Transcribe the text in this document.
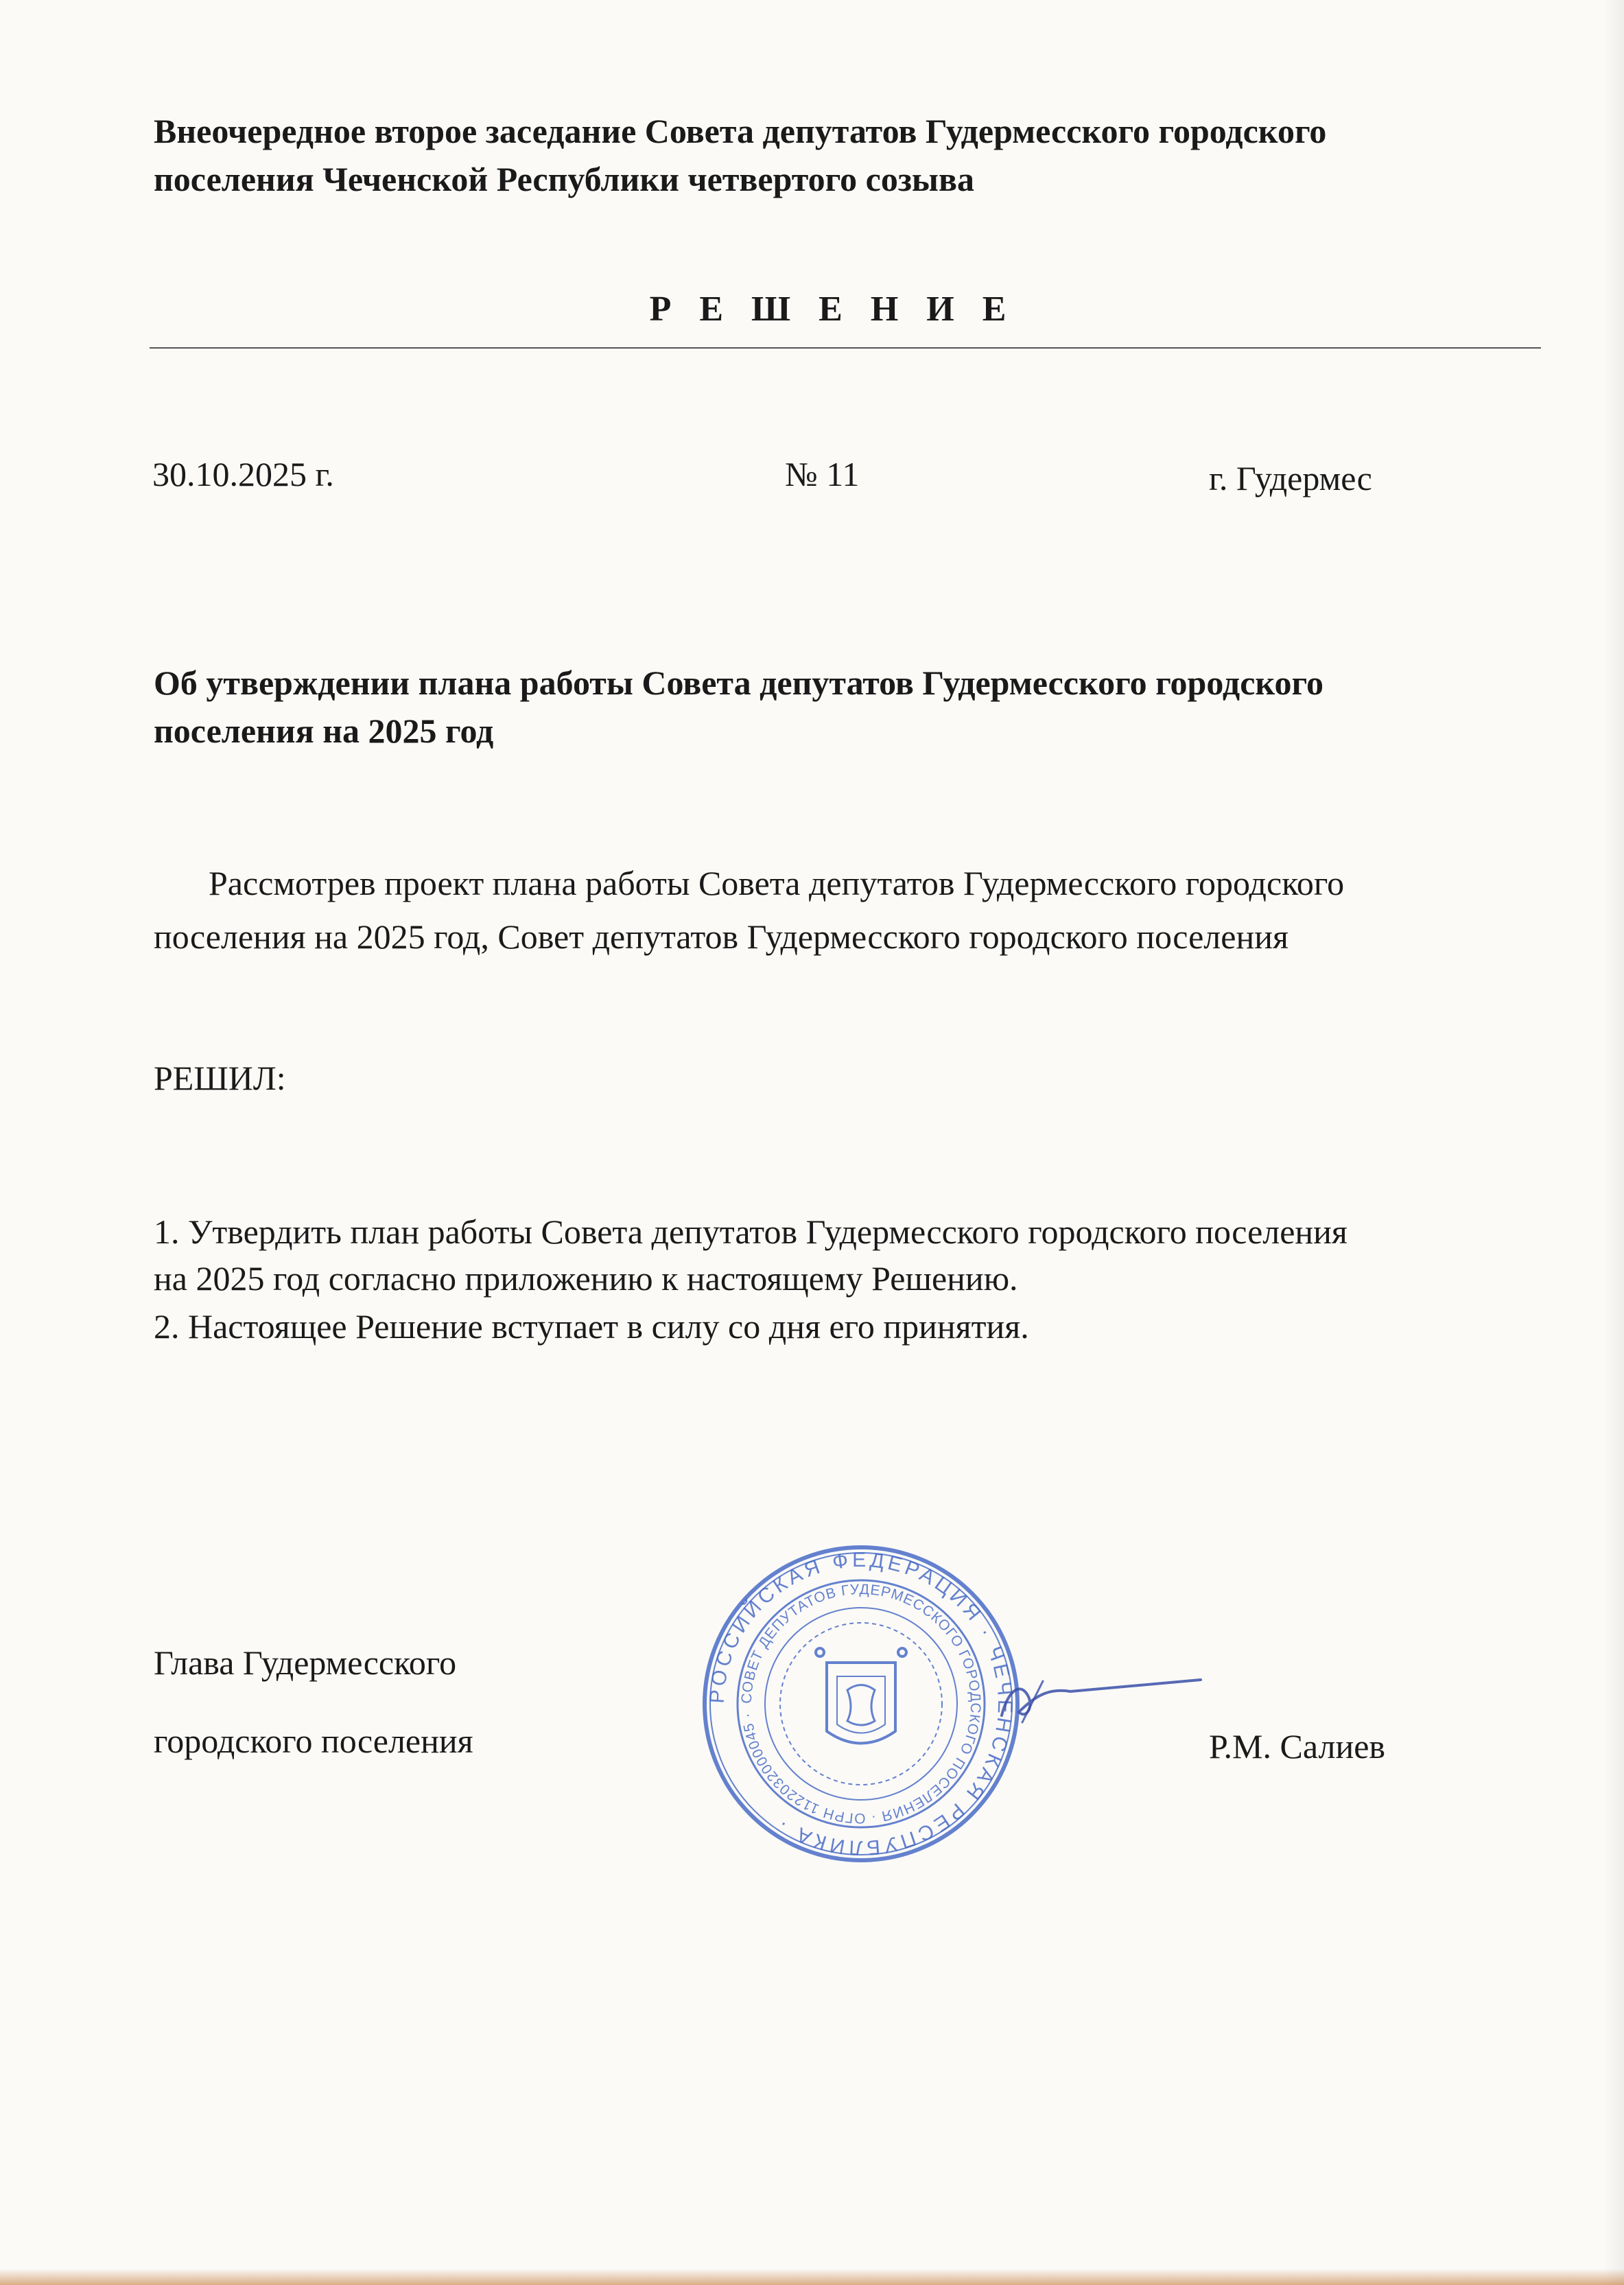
Внеочередное второе заседание Совета депутатов Гудермесского городского

поселения Чеченской Республики четвертого созыва

Р Е Ш Е Н И Е

30.10.2025 г.	№ 11	г. Гудермес

Об утверждении плана работы Совета депутатов Гудермесского городского

поселения на 2025 год

Рассмотрев проект плана работы Совета депутатов Гудермесского городского

поселения на 2025 год, Совет депутатов Гудермесского городского поселения

РЕШИЛ:

1. Утвердить план работы Совета депутатов Гудермесского городского поселения

на 2025 год согласно приложению к настоящему Решению.

2. Настоящее Решение вступает в силу со дня его принятия.

Глава Гудермесского

городского поселения	Р.М. Салиев

РОССИЙСКАЯ ФЕДЕРАЦИЯ · ЧЕЧЕНСКАЯ РЕСПУБЛИКА ·
СОВЕТ ДЕПУТАТОВ ГУДЕРМЕССКОГО ГОРОДСКОГО ПОСЕЛЕНИЯ · ОГРН 1122032000045 ·
